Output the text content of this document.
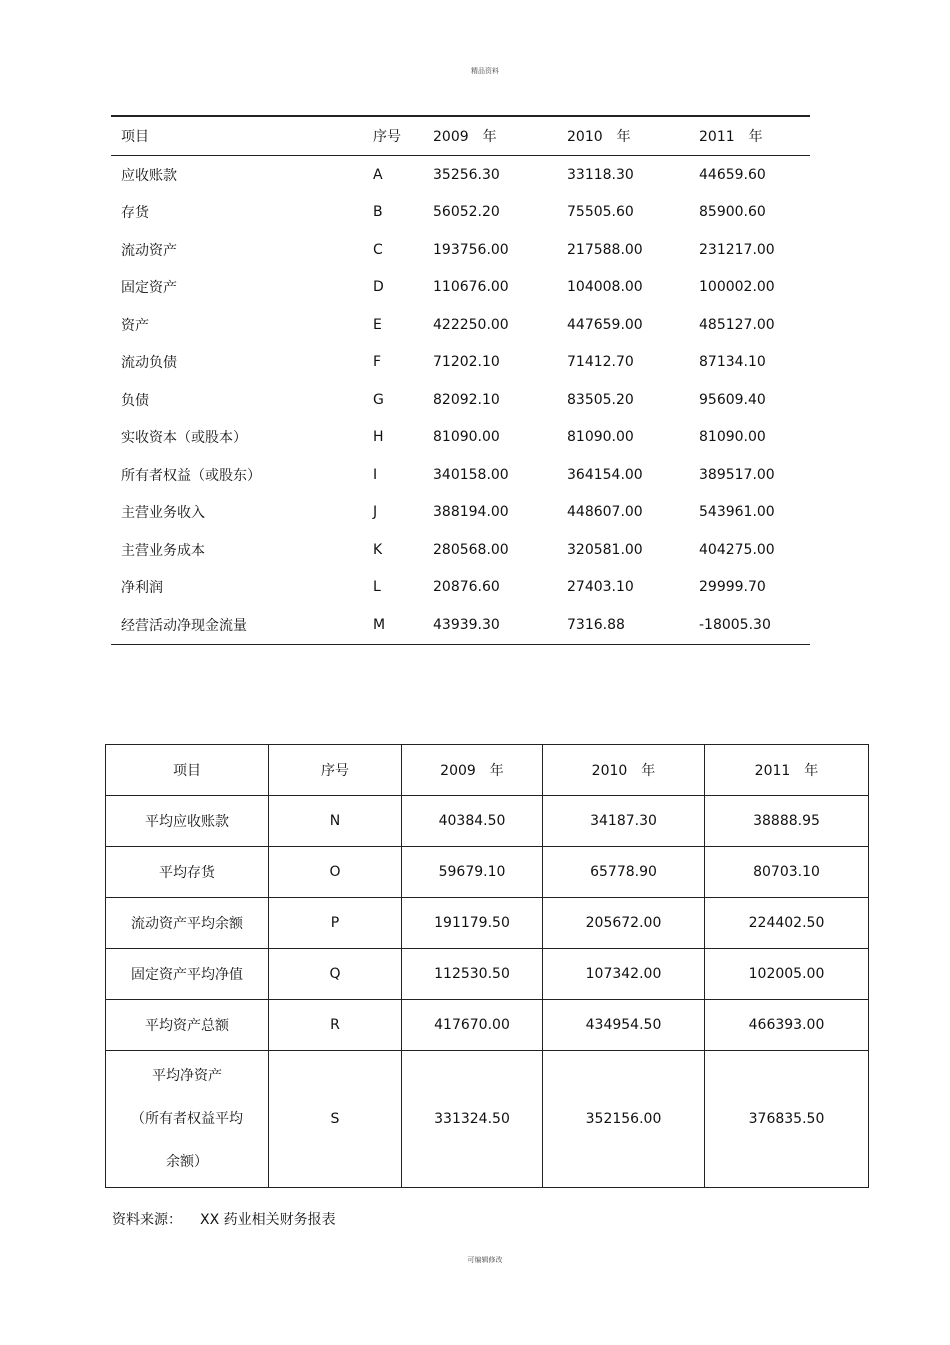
精品资料
项目	序号	2009　年	2010　年	2011　年
应收账款	A	35256.30	33118.30	44659.60
存货	B	56052.20	75505.60	85900.60
流动资产	C	193756.00	217588.00	231217.00
固定资产	D	110676.00	104008.00	100002.00
资产	E	422250.00	447659.00	485127.00
流动负债	F	71202.10	71412.70	87134.10
负债	G	82092.10	83505.20	95609.40
实收资本（或股本）	H	81090.00	81090.00	81090.00
所有者权益（或股东）	I	340158.00	364154.00	389517.00
主营业务收入	J	388194.00	448607.00	543961.00
主营业务成本	K	280568.00	320581.00	404275.00
净利润	L	20876.60	27403.10	29999.70
经营活动净现金流量	M	43939.30	7316.88	-18005.30
项目	序号	2009　年	2010　年	2011　年
平均应收账款	N	40384.50	34187.30	38888.95
平均存货	O	59679.10	65778.90	80703.10
流动资产平均余额	P	191179.50	205672.00	224402.50
固定资产平均净值	Q	112530.50	107342.00	102005.00
平均资产总额	R	417670.00	434954.50	466393.00

平均净资产
（所有者权益平均
余额）	S	331324.50	352156.00	376835.50
资料来源： XX 药业相关财务报表
可编辑修改
